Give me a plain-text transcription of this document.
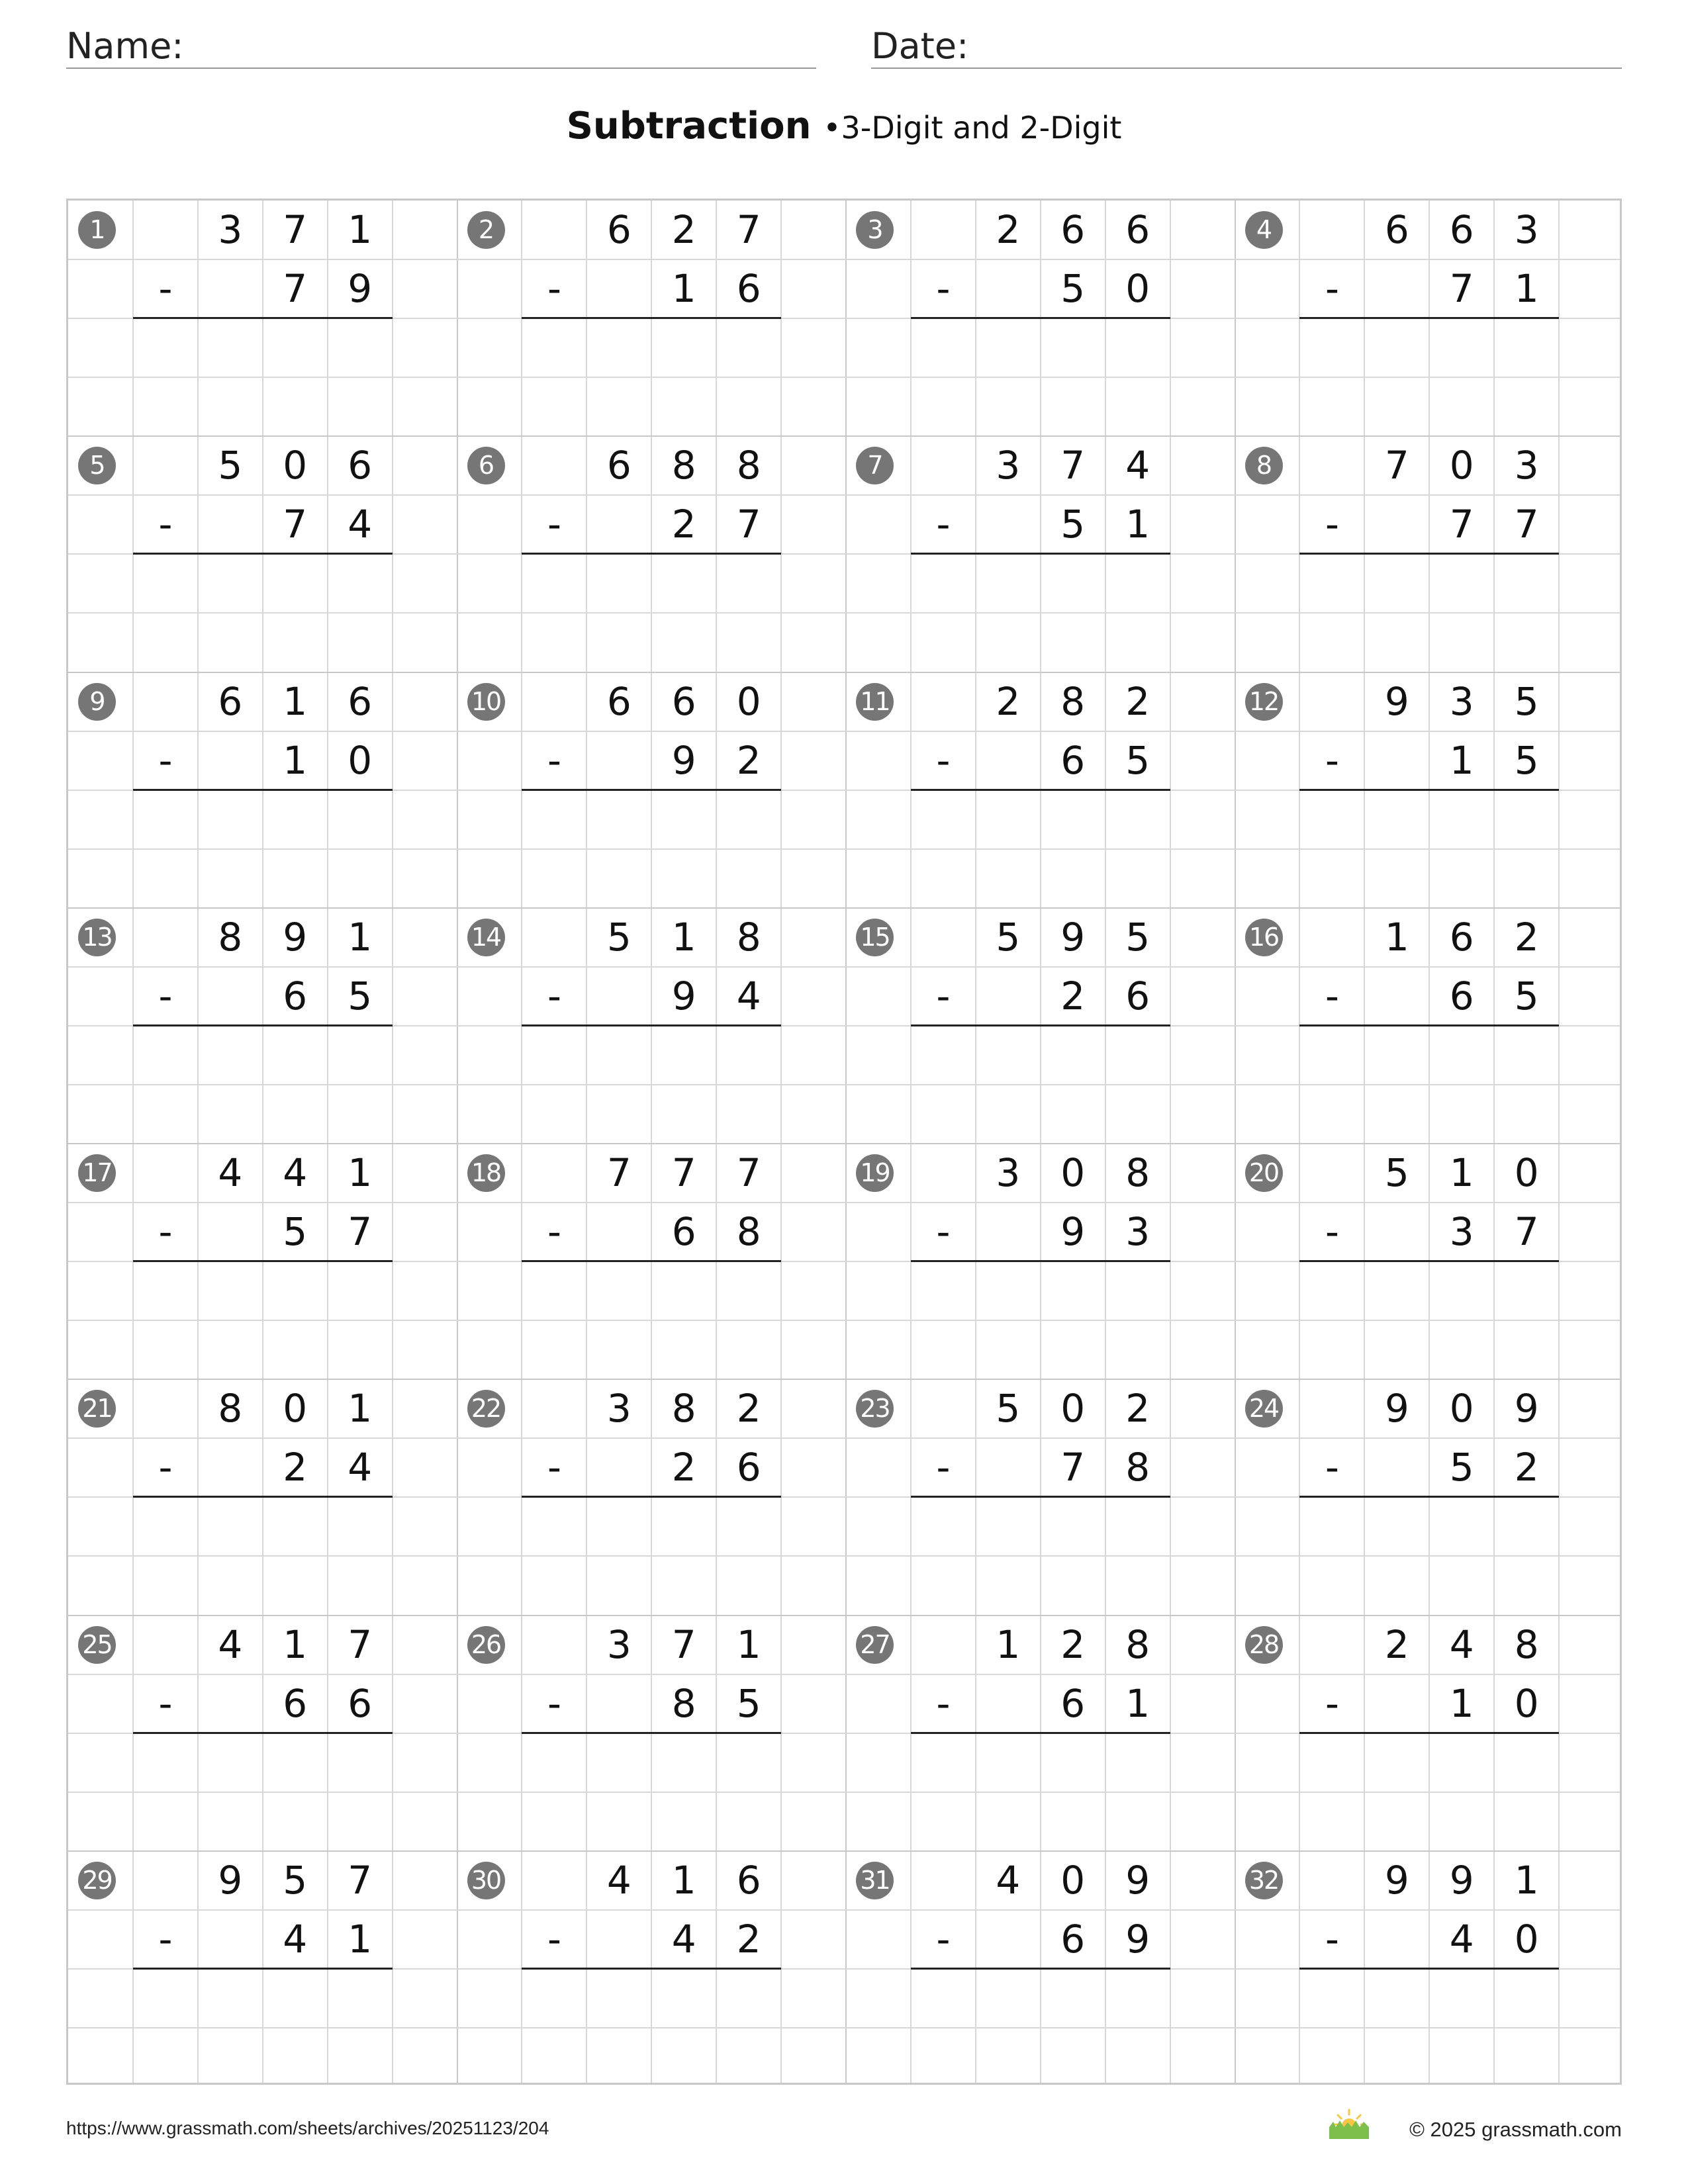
Name:	Date:
Subtraction •3-Digit and 2-Digit
1	3	7	1
-	7	9
2	6	2	7
-	1	6
3	2	6	6
-	5	0
4	6	6	3
-	7	1
5	5	0	6
-	7	4
6	6	8	8
-	2	7
7	3	7	4
-	5	1
8	7	0	3
-	7	7
9	6	1	6
-	1	0
10	6	6	0
-	9	2
11	2	8	2
-	6	5
12	9	3	5
-	1	5
13	8	9	1
-	6	5
14	5	1	8
-	9	4
15	5	9	5
-	2	6
16	1	6	2
-	6	5
17	4	4	1
-	5	7
18	7	7	7
-	6	8
19	3	0	8
-	9	3
20	5	1	0
-	3	7
21	8	0	1
-	2	4
22	3	8	2
-	2	6
23	5	0	2
-	7	8
24	9	0	9
-	5	2
25	4	1	7
-	6	6
26	3	7	1
-	8	5
27	1	2	8
-	6	1
28	2	4	8
-	1	0
29	9	5	7
-	4	1
30	4	1	6
-	4	2
31	4	0	9
-	6	9
32	9	9	1
-	4	0
https://www.grassmath.com/sheets/archives/20251123/204	© 2025 grassmath.com
